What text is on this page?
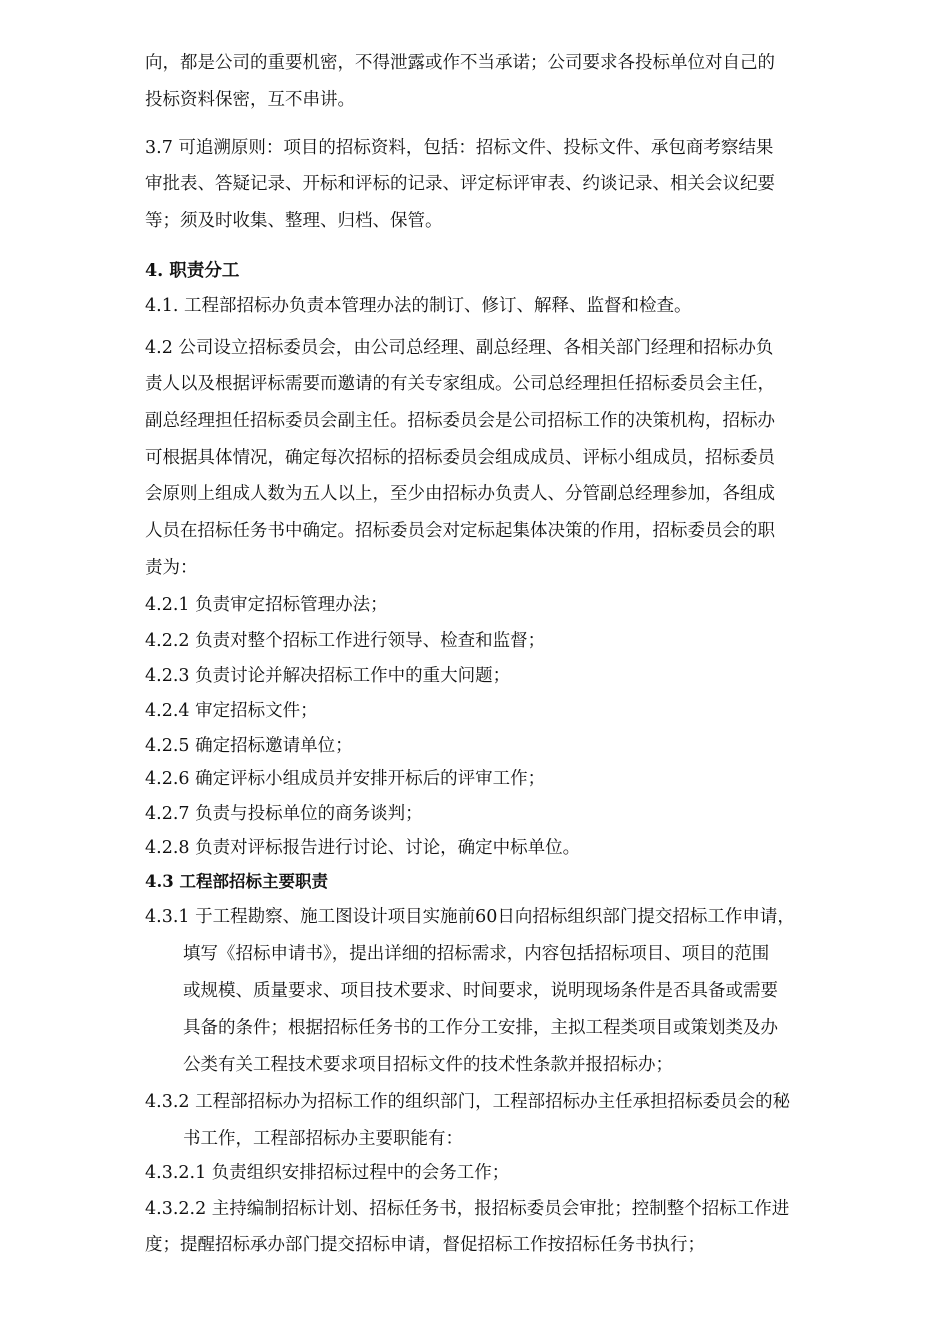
向，都是公司的重要机密，不得泄露或作不当承诺；公司要求各投标单位对自己的
投标资料保密，互不串讲。
3.7 可追溯原则：项目的招标资料，包括：招标文件、投标文件、承包商考察结果
审批表、答疑记录、开标和评标的记录、评定标评审表、约谈记录、相关会议纪要
等；须及时收集、整理、归档、保管。
4. 职责分工
4.1. 工程部招标办负责本管理办法的制订、修订、解释、监督和检查。
4.2 公司设立招标委员会，由公司总经理、副总经理、各相关部门经理和招标办负
责人以及根据评标需要而邀请的有关专家组成。公司总经理担任招标委员会主任，
副总经理担任招标委员会副主任。招标委员会是公司招标工作的决策机构，招标办
可根据具体情况，确定每次招标的招标委员会组成成员、评标小组成员，招标委员
会原则上组成人数为五人以上，至少由招标办负责人、分管副总经理参加，各组成
人员在招标任务书中确定。招标委员会对定标起集体决策的作用，招标委员会的职
责为：
4.2.1 负责审定招标管理办法；
4.2.2 负责对整个招标工作进行领导、检查和监督；
4.2.3 负责讨论并解决招标工作中的重大问题；
4.2.4 审定招标文件；
4.2.5 确定招标邀请单位；
4.2.6 确定评标小组成员并安排开标后的评审工作；
4.2.7 负责与投标单位的商务谈判；
4.2.8 负责对评标报告进行讨论、讨论，确定中标单位。
4.3 工程部招标主要职责
4.3.1 于工程勘察、施工图设计项目实施前60日向招标组织部门提交招标工作申请，
填写《招标申请书》，提出详细的招标需求，内容包括招标项目、项目的范围
或规模、质量要求、项目技术要求、时间要求，说明现场条件是否具备或需要
具备的条件；根据招标任务书的工作分工安排，主拟工程类项目或策划类及办
公类有关工程技术要求项目招标文件的技术性条款并报招标办；
4.3.2 工程部招标办为招标工作的组织部门，工程部招标办主任承担招标委员会的秘
书工作，工程部招标办主要职能有：
4.3.2.1 负责组织安排招标过程中的会务工作；
4.3.2.2 主持编制招标计划、招标任务书，报招标委员会审批；控制整个招标工作进
度；提醒招标承办部门提交招标申请，督促招标工作按招标任务书执行；
